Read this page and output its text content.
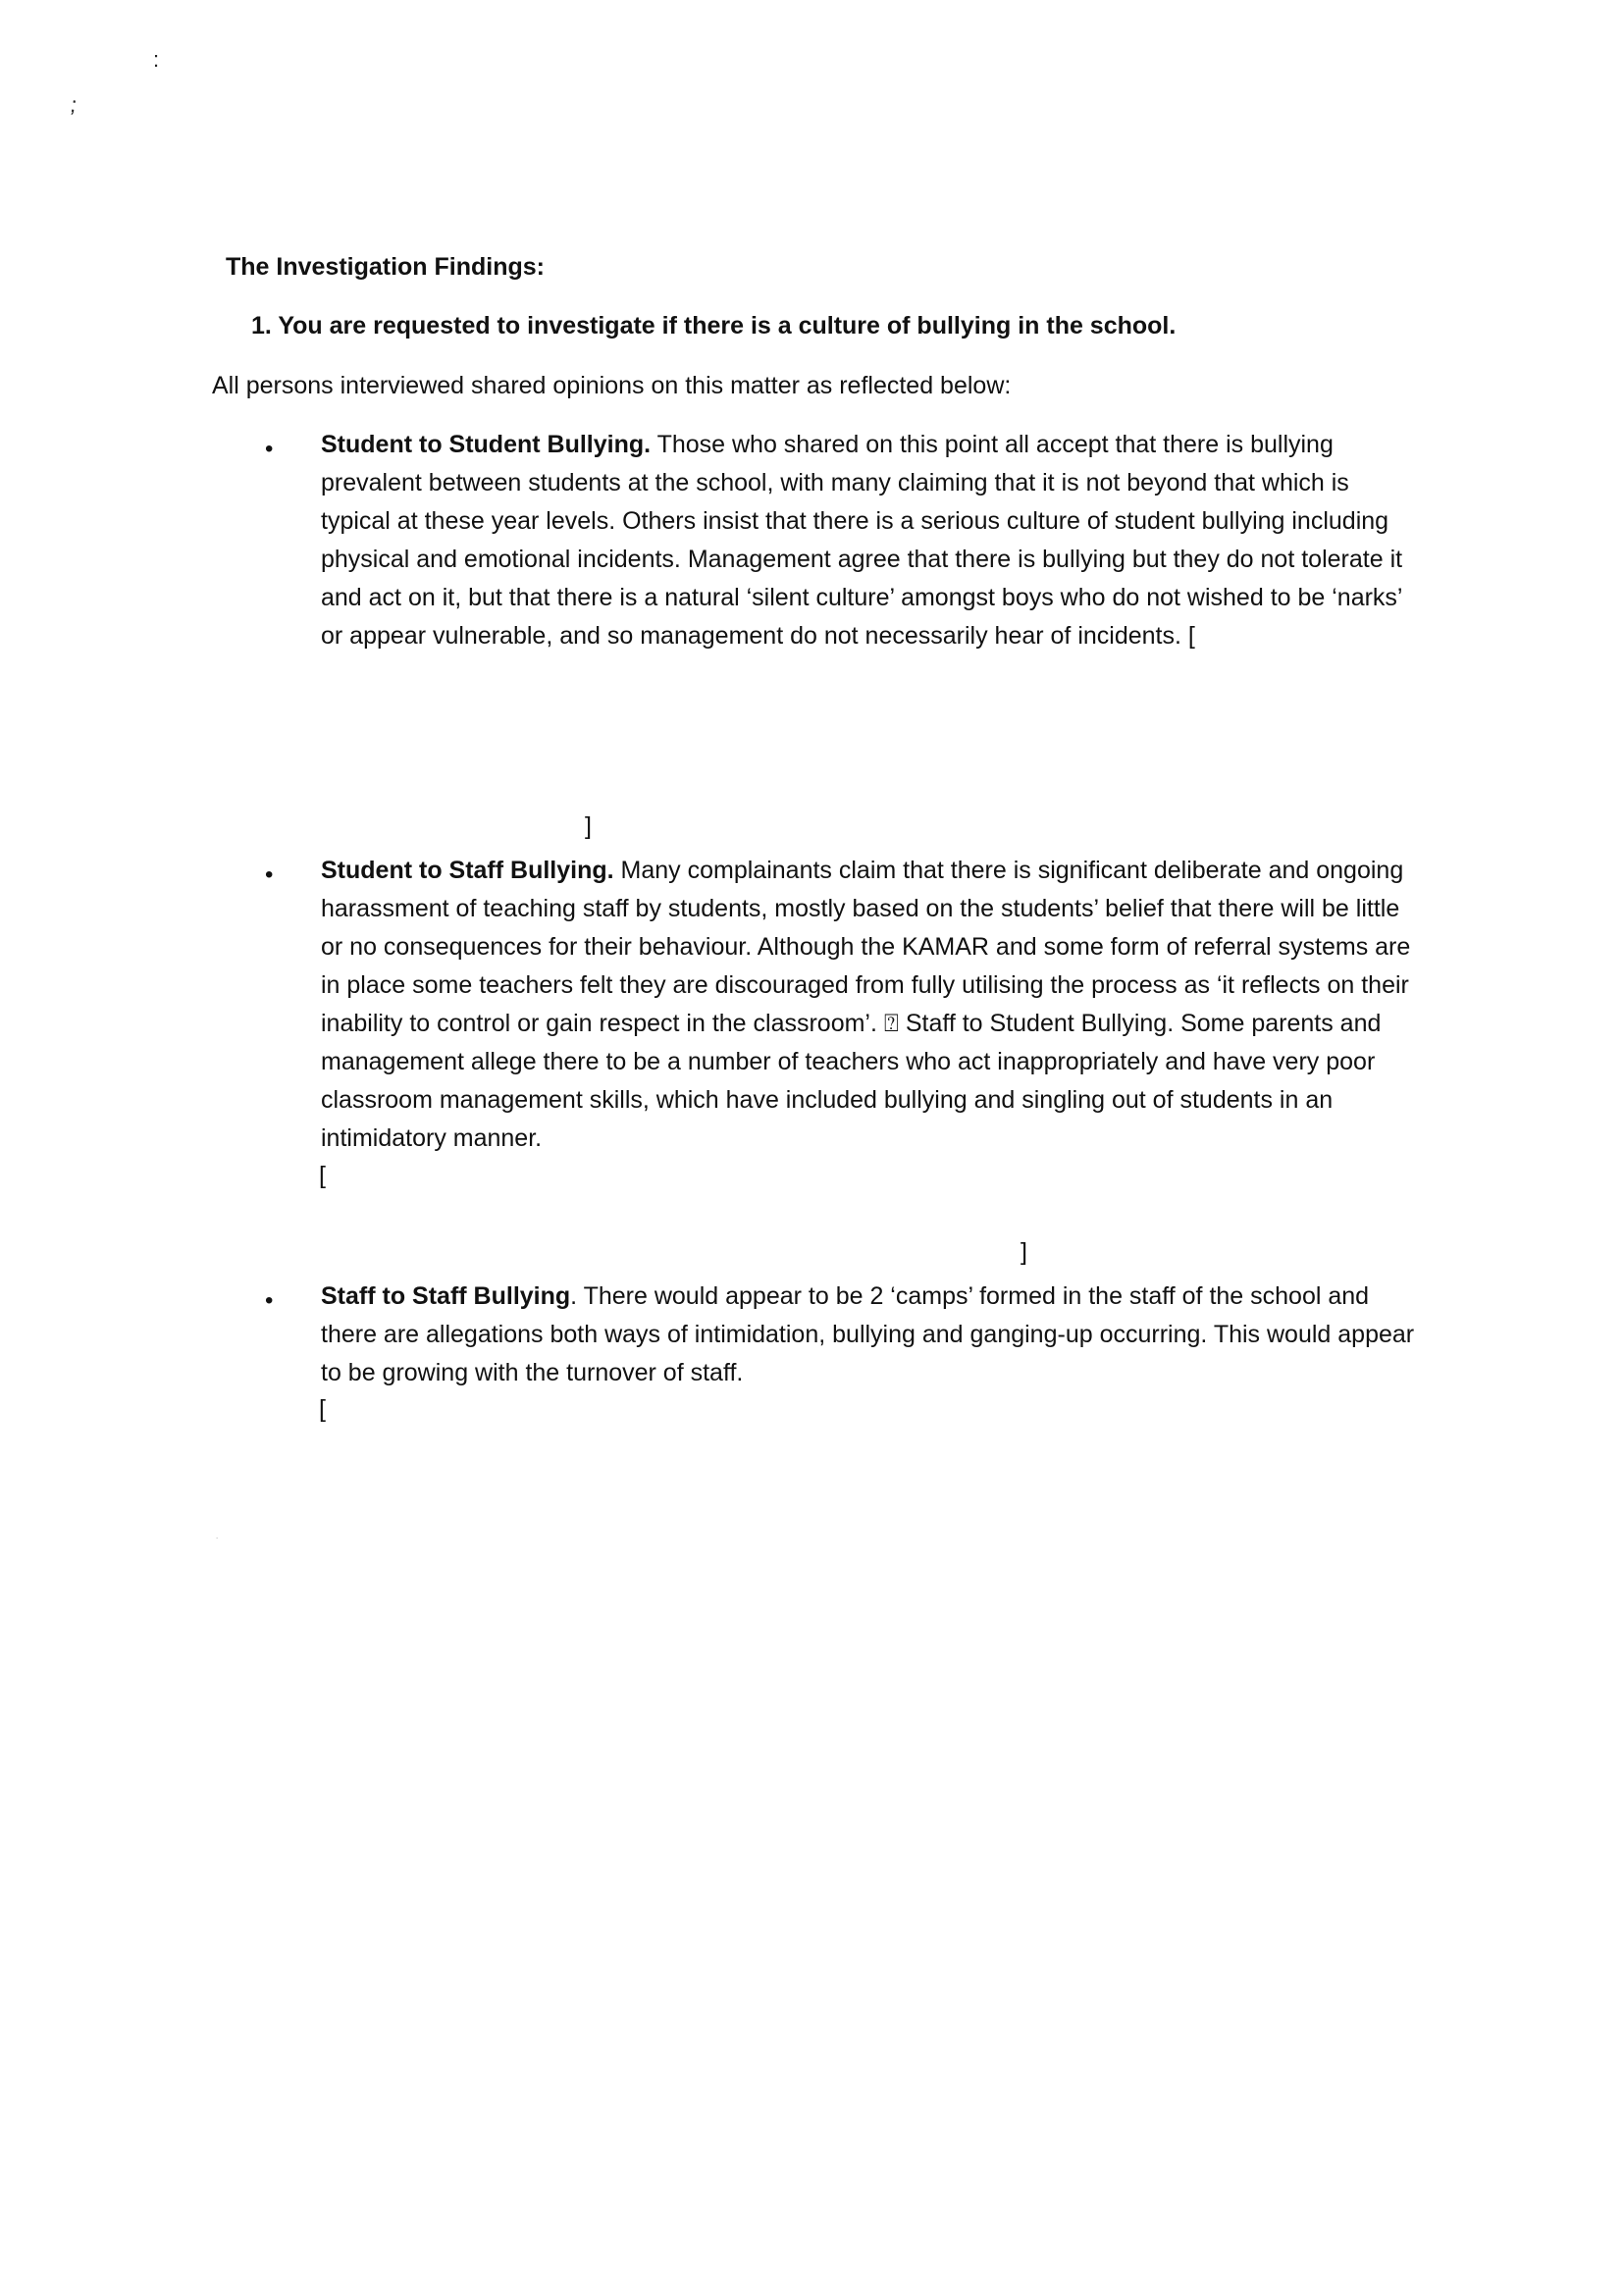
:
;
.

The Investigation Findings:

1. You are requested to investigate if there is a culture of bullying in the school.

All persons interviewed shared opinions on this matter as reflected below:

• Student to Student Bullying. Those who shared on this point all accept that there is bullying prevalent between students at the school, with many claiming that it is not beyond that which is typical at these year levels. Others insist that there is a serious culture of student bullying including physical and emotional incidents. Management agree that there is bullying but they do not tolerate it and act on it, but that there is a natural ‘silent culture’ amongst boys who do not wished to be ‘narks’ or appear vulnerable, and so management do not necessarily hear of incidents. [

]
• Student to Staff Bullying. Many complainants claim that there is significant deliberate and ongoing harassment of teaching staff by students, mostly based on the students’ belief that there will be little or no consequences for their behaviour. Although the KAMAR and some form of referral systems are in place some teachers felt they are discouraged from fully utilising the process as ‘it reflects on their inability to control or gain respect in the classroom’. ⍰ Staff to Student Bullying. Some parents and management allege there to be a number of teachers who act inappropriately and have very poor classroom management skills, which have included bullying and singling out of students in an intimidatory manner.

[
]
• Staff to Staff Bullying. There would appear to be 2 ‘camps’ formed in the staff of the school and there are allegations both ways of intimidation, bullying and ganging-up occurring. This would appear to be growing with the turnover of staff.

[
